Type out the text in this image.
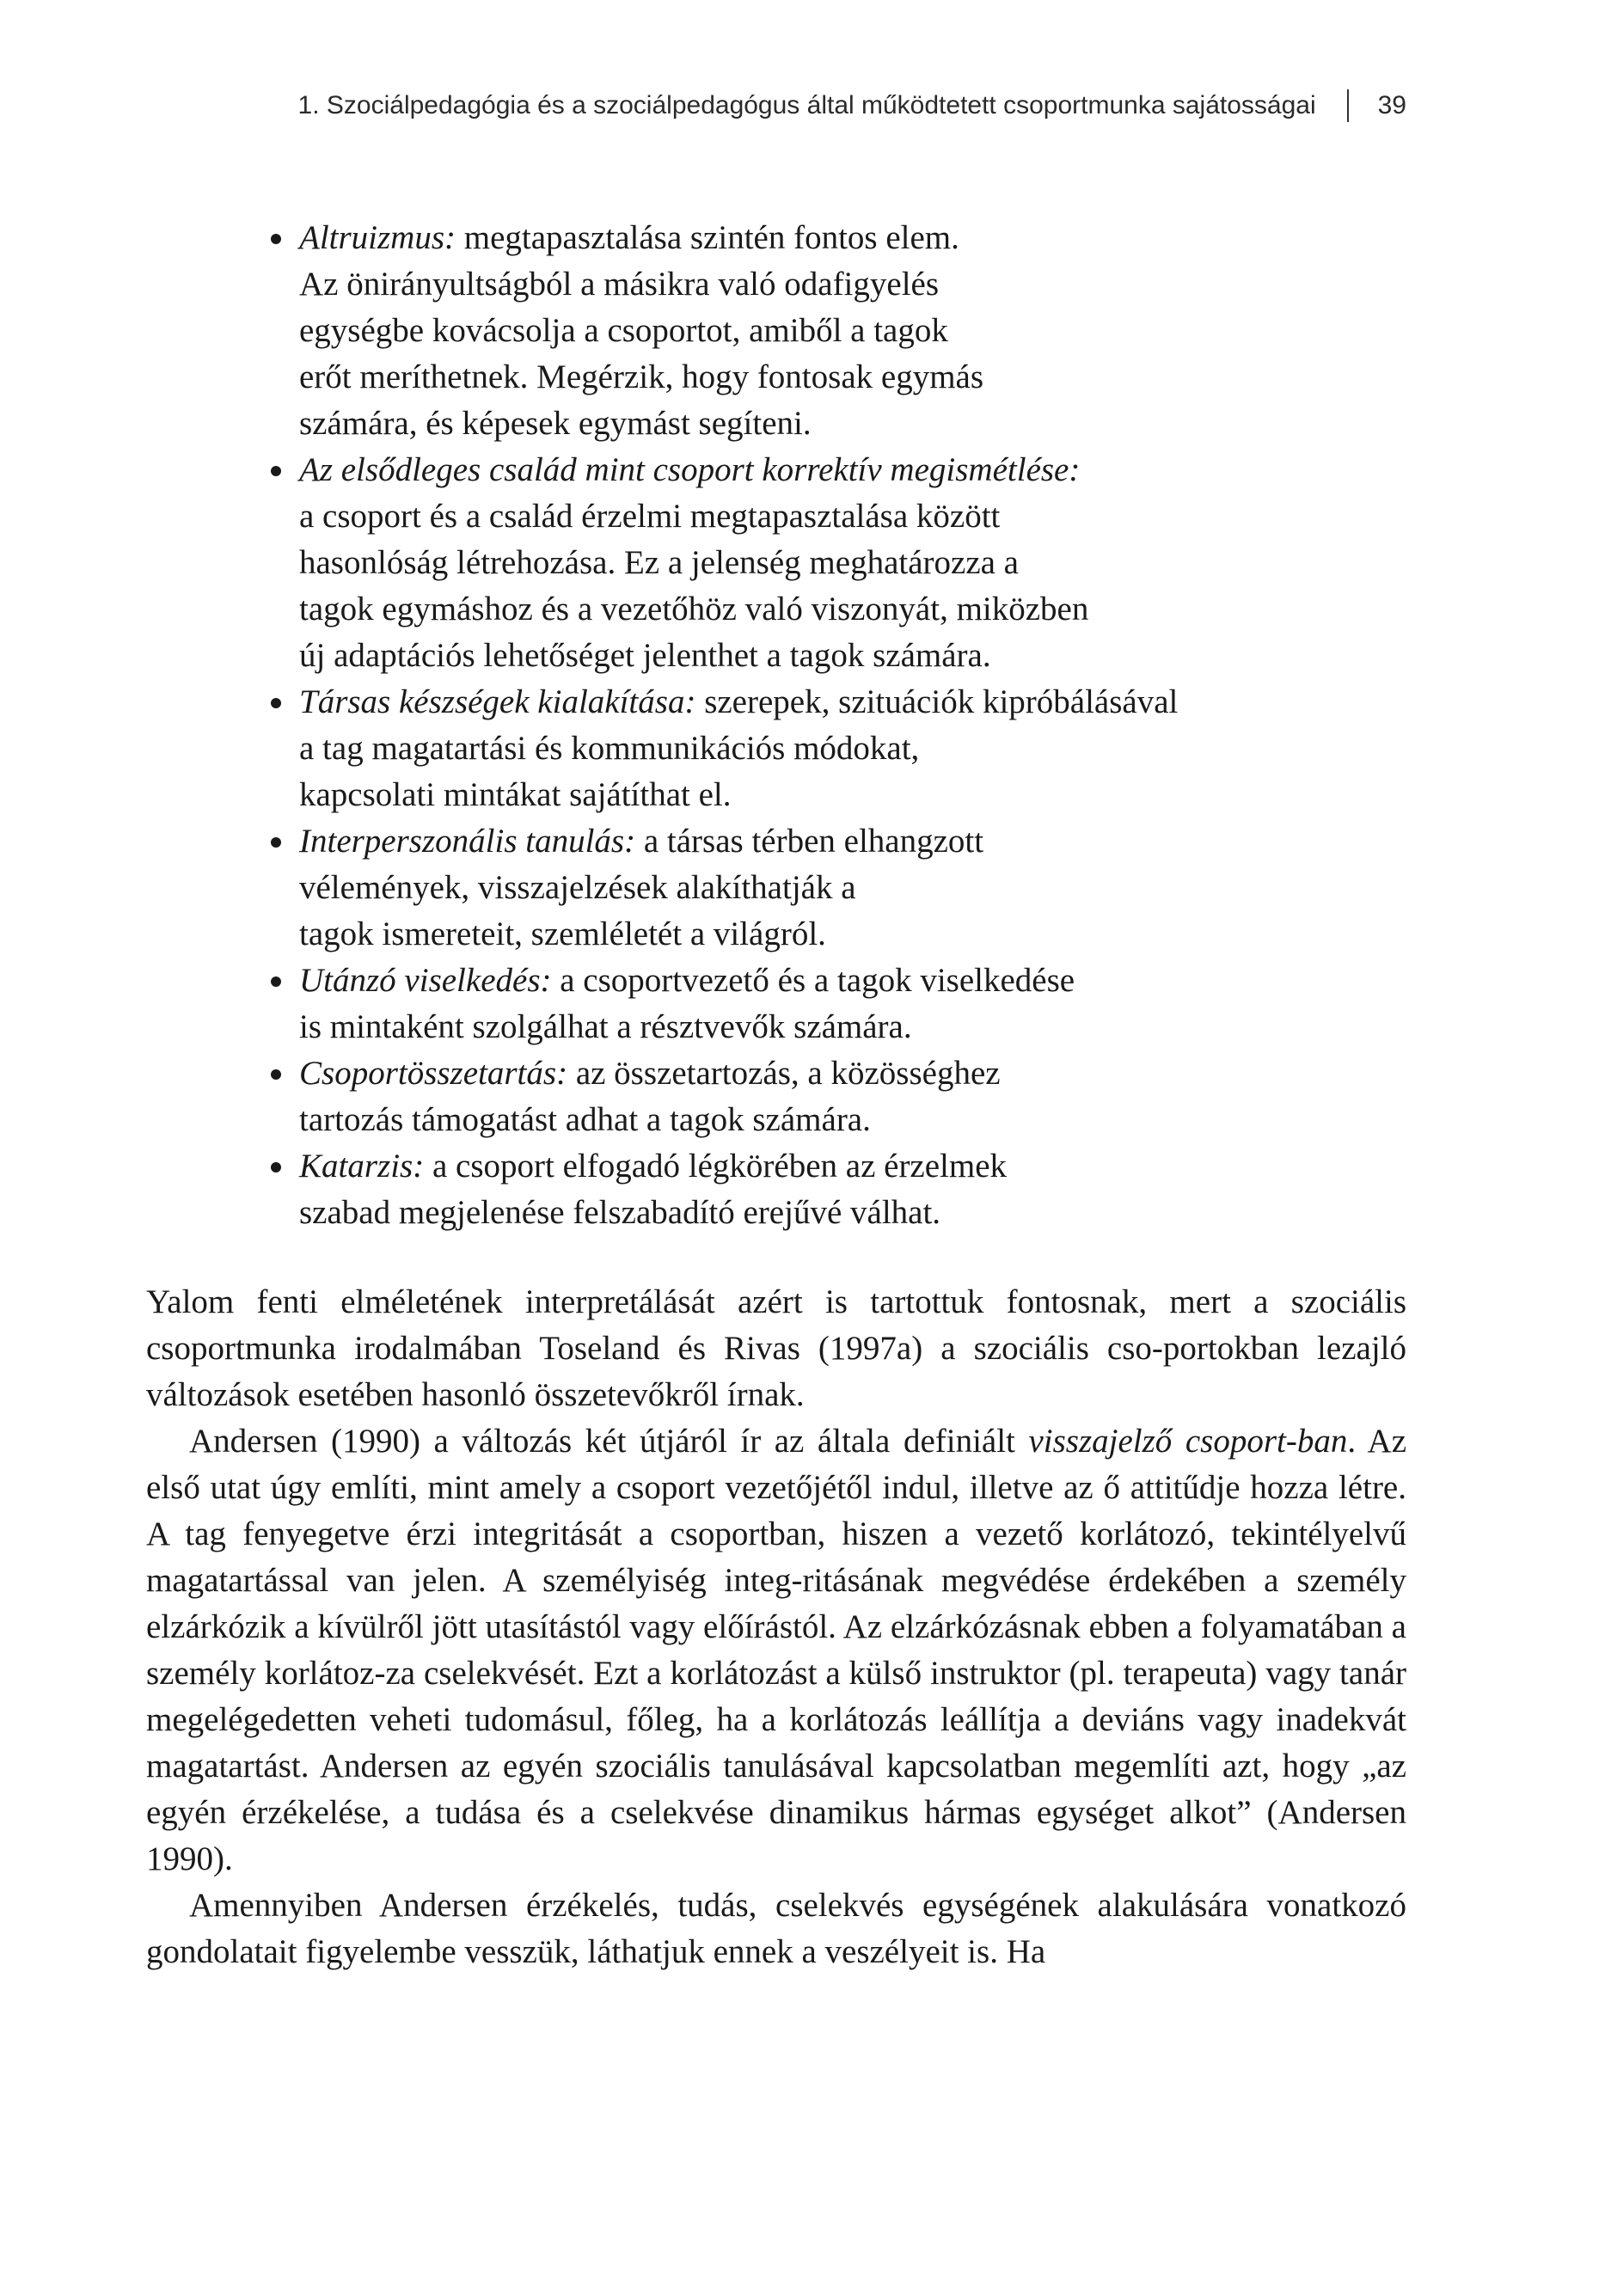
1. Szociálpedagógia és a szociálpedagógus által működtetett csoportmunka sajátosságai 39
Altruizmus: megtapasztalása szintén fontos elem.
Az önirányultságból a másikra való odafigyelés
egységbe kovácsolja a csoportot, amiből a tagok
erőt meríthetnek. Megérzik, hogy fontosak egymás
számára, és képesek egymást segíteni.
Az elsődleges család mint csoport korrektív megismétlése:
a csoport és a család érzelmi megtapasztalása között
hasonlóság létrehozása. Ez a jelenség meghatározza a
tagok egymáshoz és a vezetőhöz való viszonyát, miközben
új adaptációs lehetőséget jelenthet a tagok számára.
Társas készségek kialakítása: szerepek, szituációk kipróbálásával
a tag magatartási és kommunikációs módokat,
kapcsolati mintákat sajátíthat el.
Interperszonális tanulás: a társas térben elhangzott
vélemények, visszajelzések alakíthatják a
tagok ismereteit, szemléletét a világról.
Utánzó viselkedés: a csoportvezető és a tagok viselkedése
is mintaként szolgálhat a résztvevők számára.
Csoportösszetartás: az összetartozás, a közösséghez
tartozás támogatást adhat a tagok számára.
Katarzis: a csoport elfogadó légkörében az érzelmek
szabad megjelenése felszabadító erejűvé válhat.

Yalom fenti elméletének interpretálását azért is tartottuk fontosnak, mert a szociális csoportmunka irodalmában Toseland és Rivas (1997a) a szociális cso-portokban lezajló változások esetében hasonló összetevőkről írnak.

Andersen (1990) a változás két útjáról ír az általa definiált visszajelző csoport-ban. Az első utat úgy említi, mint amely a csoport vezetőjétől indul, illetve az ő attitűdje hozza létre. A tag fenyegetve érzi integritását a csoportban, hiszen a vezető korlátozó, tekintélyelvű magatartással van jelen. A személyiség integ-ritásának megvédése érdekében a személy elzárkózik a kívülről jött utasítástól vagy előírástól. Az elzárkózásnak ebben a folyamatában a személy korlátoz-za cselekvését. Ezt a korlátozást a külső instruktor (pl. terapeuta) vagy tanár megelégedetten veheti tudomásul, főleg, ha a korlátozás leállítja a deviáns vagy inadekvát magatartást. Andersen az egyén szociális tanulásával kapcsolatban megemlíti azt, hogy „az egyén érzékelése, a tudása és a cselekvése dinamikus hármas egységet alkot” (Andersen 1990).

Amennyiben Andersen érzékelés, tudás, cselekvés egységének alakulására vonatkozó gondolatait figyelembe vesszük, láthatjuk ennek a veszélyeit is. Ha
